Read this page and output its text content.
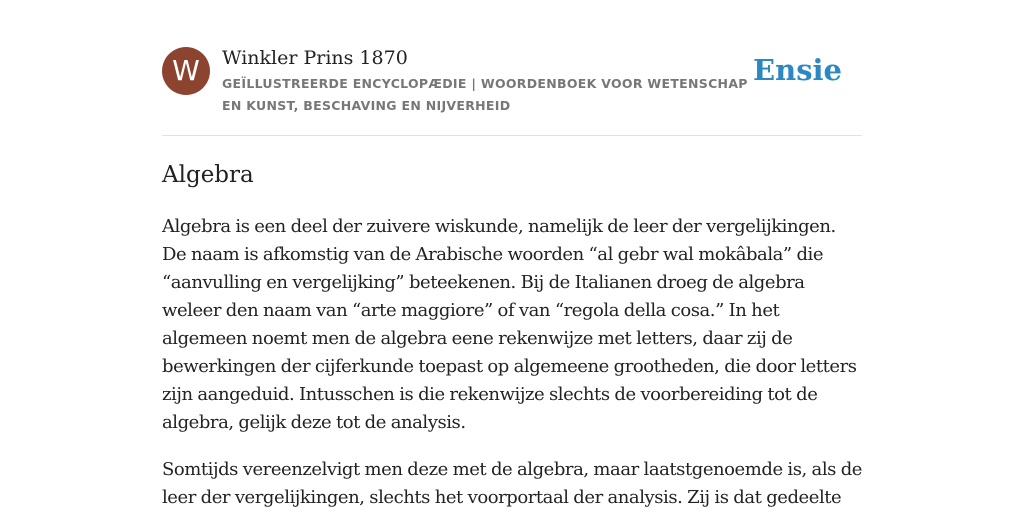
W	Winkler Prins 1870
GEÏLLUSTREERDE ENCYCLOPÆDIE | WOORDENBOEK VOOR WETENSCHAP EN KUNST, BESCHAVING EN NIJVERHEID
Ensie
Algebra

Algebra is een deel der zuivere wiskunde, namelijk de leer der vergelijkingen. De naam is afkomstig van de Arabische woorden “al gebr wal mokâbala” die “aanvulling en vergelijking” beteekenen. Bij de Italianen droeg de algebra weleer den naam van “arte maggiore” of van “regola della cosa.” In het algemeen noemt men de algebra eene rekenwijze met letters, daar zij de bewerkingen der cijferkunde toepast op algemeene grootheden, die door letters zijn aangeduid. Intusschen is die rekenwijze slechts de voorbereiding tot de algebra, gelijk deze tot de analysis.

Somtijds vereenzelvigt men deze met de algebra, maar laatstgenoemde is, als de leer der vergelijkingen, slechts het voorportaal der analysis. Zij is dat gedeelte
